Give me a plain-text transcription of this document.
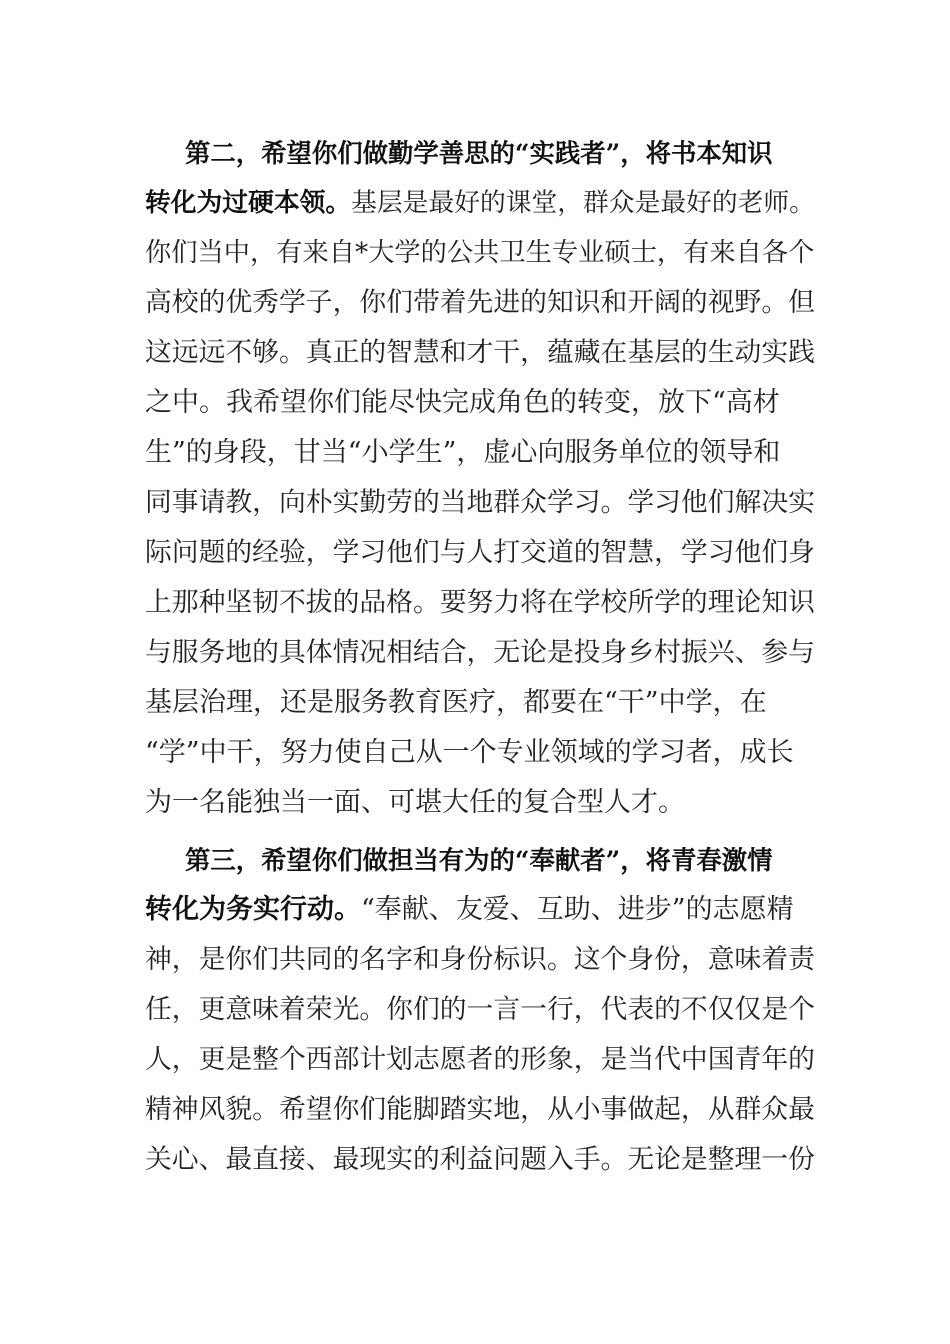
第二，希望你们做勤学善思的“实践者”，将书本知识
转化为过硬本领。基层是最好的课堂，群众是最好的老师。
你们当中，有来自*大学的公共卫生专业硕士，有来自各个
高校的优秀学子，你们带着先进的知识和开阔的视野。但
这远远不够。真正的智慧和才干，蕴藏在基层的生动实践
之中。我希望你们能尽快完成角色的转变，放下“高材
生”的身段，甘当“小学生”，虚心向服务单位的领导和
同事请教，向朴实勤劳的当地群众学习。学习他们解决实
际问题的经验，学习他们与人打交道的智慧，学习他们身
上那种坚韧不拔的品格。要努力将在学校所学的理论知识
与服务地的具体情况相结合，无论是投身乡村振兴、参与
基层治理，还是服务教育医疗，都要在“干”中学，在
“学”中干，努力使自己从一个专业领域的学习者，成长
为一名能独当一面、可堪大任的复合型人才。
第三，希望你们做担当有为的“奉献者”，将青春激情
转化为务实行动。“奉献、友爱、互助、进步”的志愿精
神，是你们共同的名字和身份标识。这个身份，意味着责
任，更意味着荣光。你们的一言一行，代表的不仅仅是个
人，更是整个西部计划志愿者的形象，是当代中国青年的
精神风貌。希望你们能脚踏实地，从小事做起，从群众最
关心、最直接、最现实的利益问题入手。无论是整理一份
